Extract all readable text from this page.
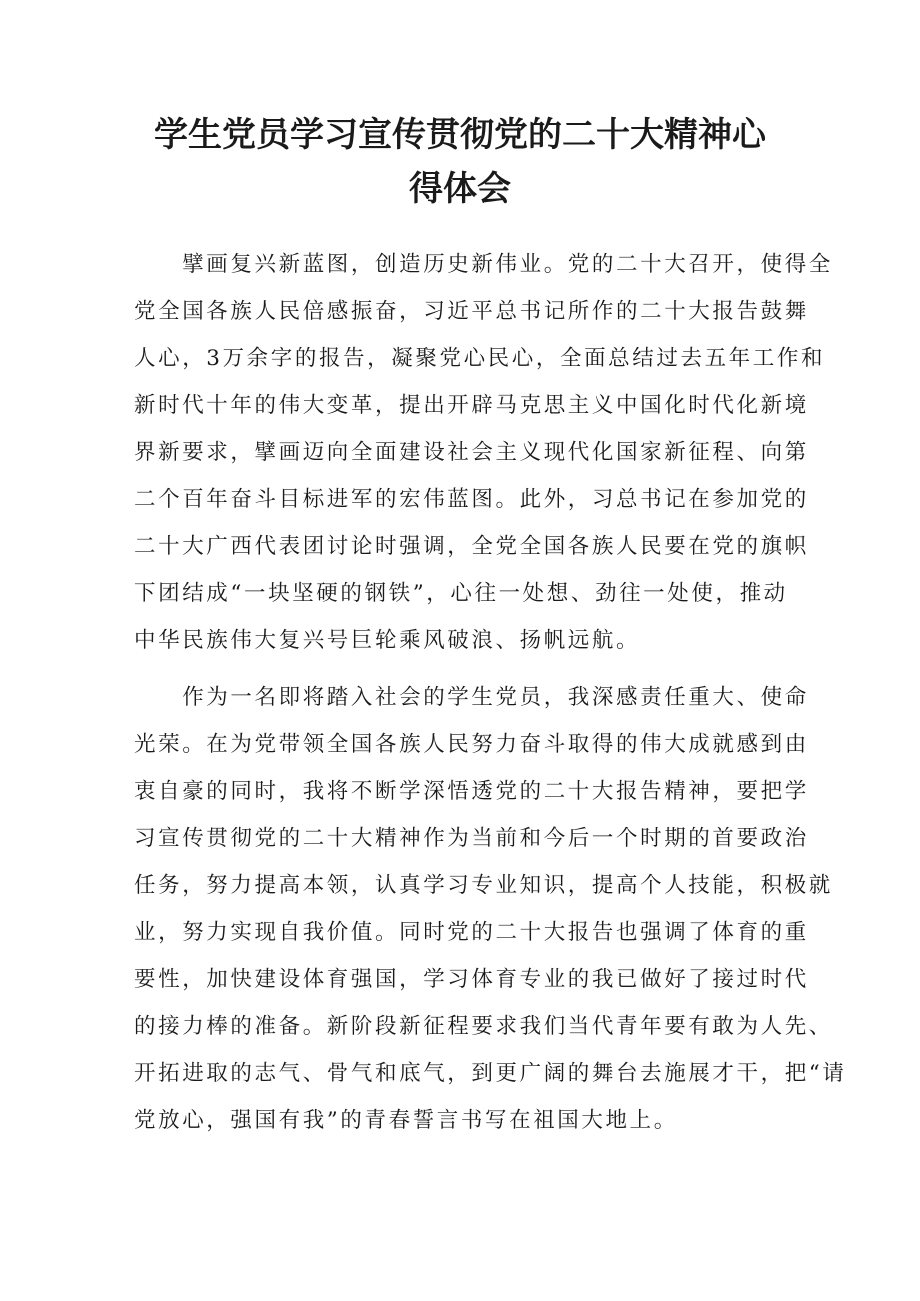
学生党员学习宣传贯彻党的二十大精神心
得体会
　　擘画复兴新蓝图，创造历史新伟业。党的二十大召开，使得全
党全国各族人民倍感振奋，习近平总书记所作的二十大报告鼓舞
人心，3万余字的报告，凝聚党心民心，全面总结过去五年工作和
新时代十年的伟大变革，提出开辟马克思主义中国化时代化新境
界新要求，擘画迈向全面建设社会主义现代化国家新征程、向第
二个百年奋斗目标进军的宏伟蓝图。此外，习总书记在参加党的
二十大广西代表团讨论时强调，全党全国各族人民要在党的旗帜
下团结成“一块坚硬的钢铁”，心往一处想、劲往一处使，推动
中华民族伟大复兴号巨轮乘风破浪、扬帆远航。
　　作为一名即将踏入社会的学生党员，我深感责任重大、使命
光荣。在为党带领全国各族人民努力奋斗取得的伟大成就感到由
衷自豪的同时，我将不断学深悟透党的二十大报告精神，要把学
习宣传贯彻党的二十大精神作为当前和今后一个时期的首要政治
任务，努力提高本领，认真学习专业知识，提高个人技能，积极就
业，努力实现自我价值。同时党的二十大报告也强调了体育的重
要性，加快建设体育强国，学习体育专业的我已做好了接过时代
的接力棒的准备。新阶段新征程要求我们当代青年要有敢为人先、
开拓进取的志气、骨气和底气，到更广阔的舞台去施展才干，把“请
党放心，强国有我”的青春誓言书写在祖国大地上。
